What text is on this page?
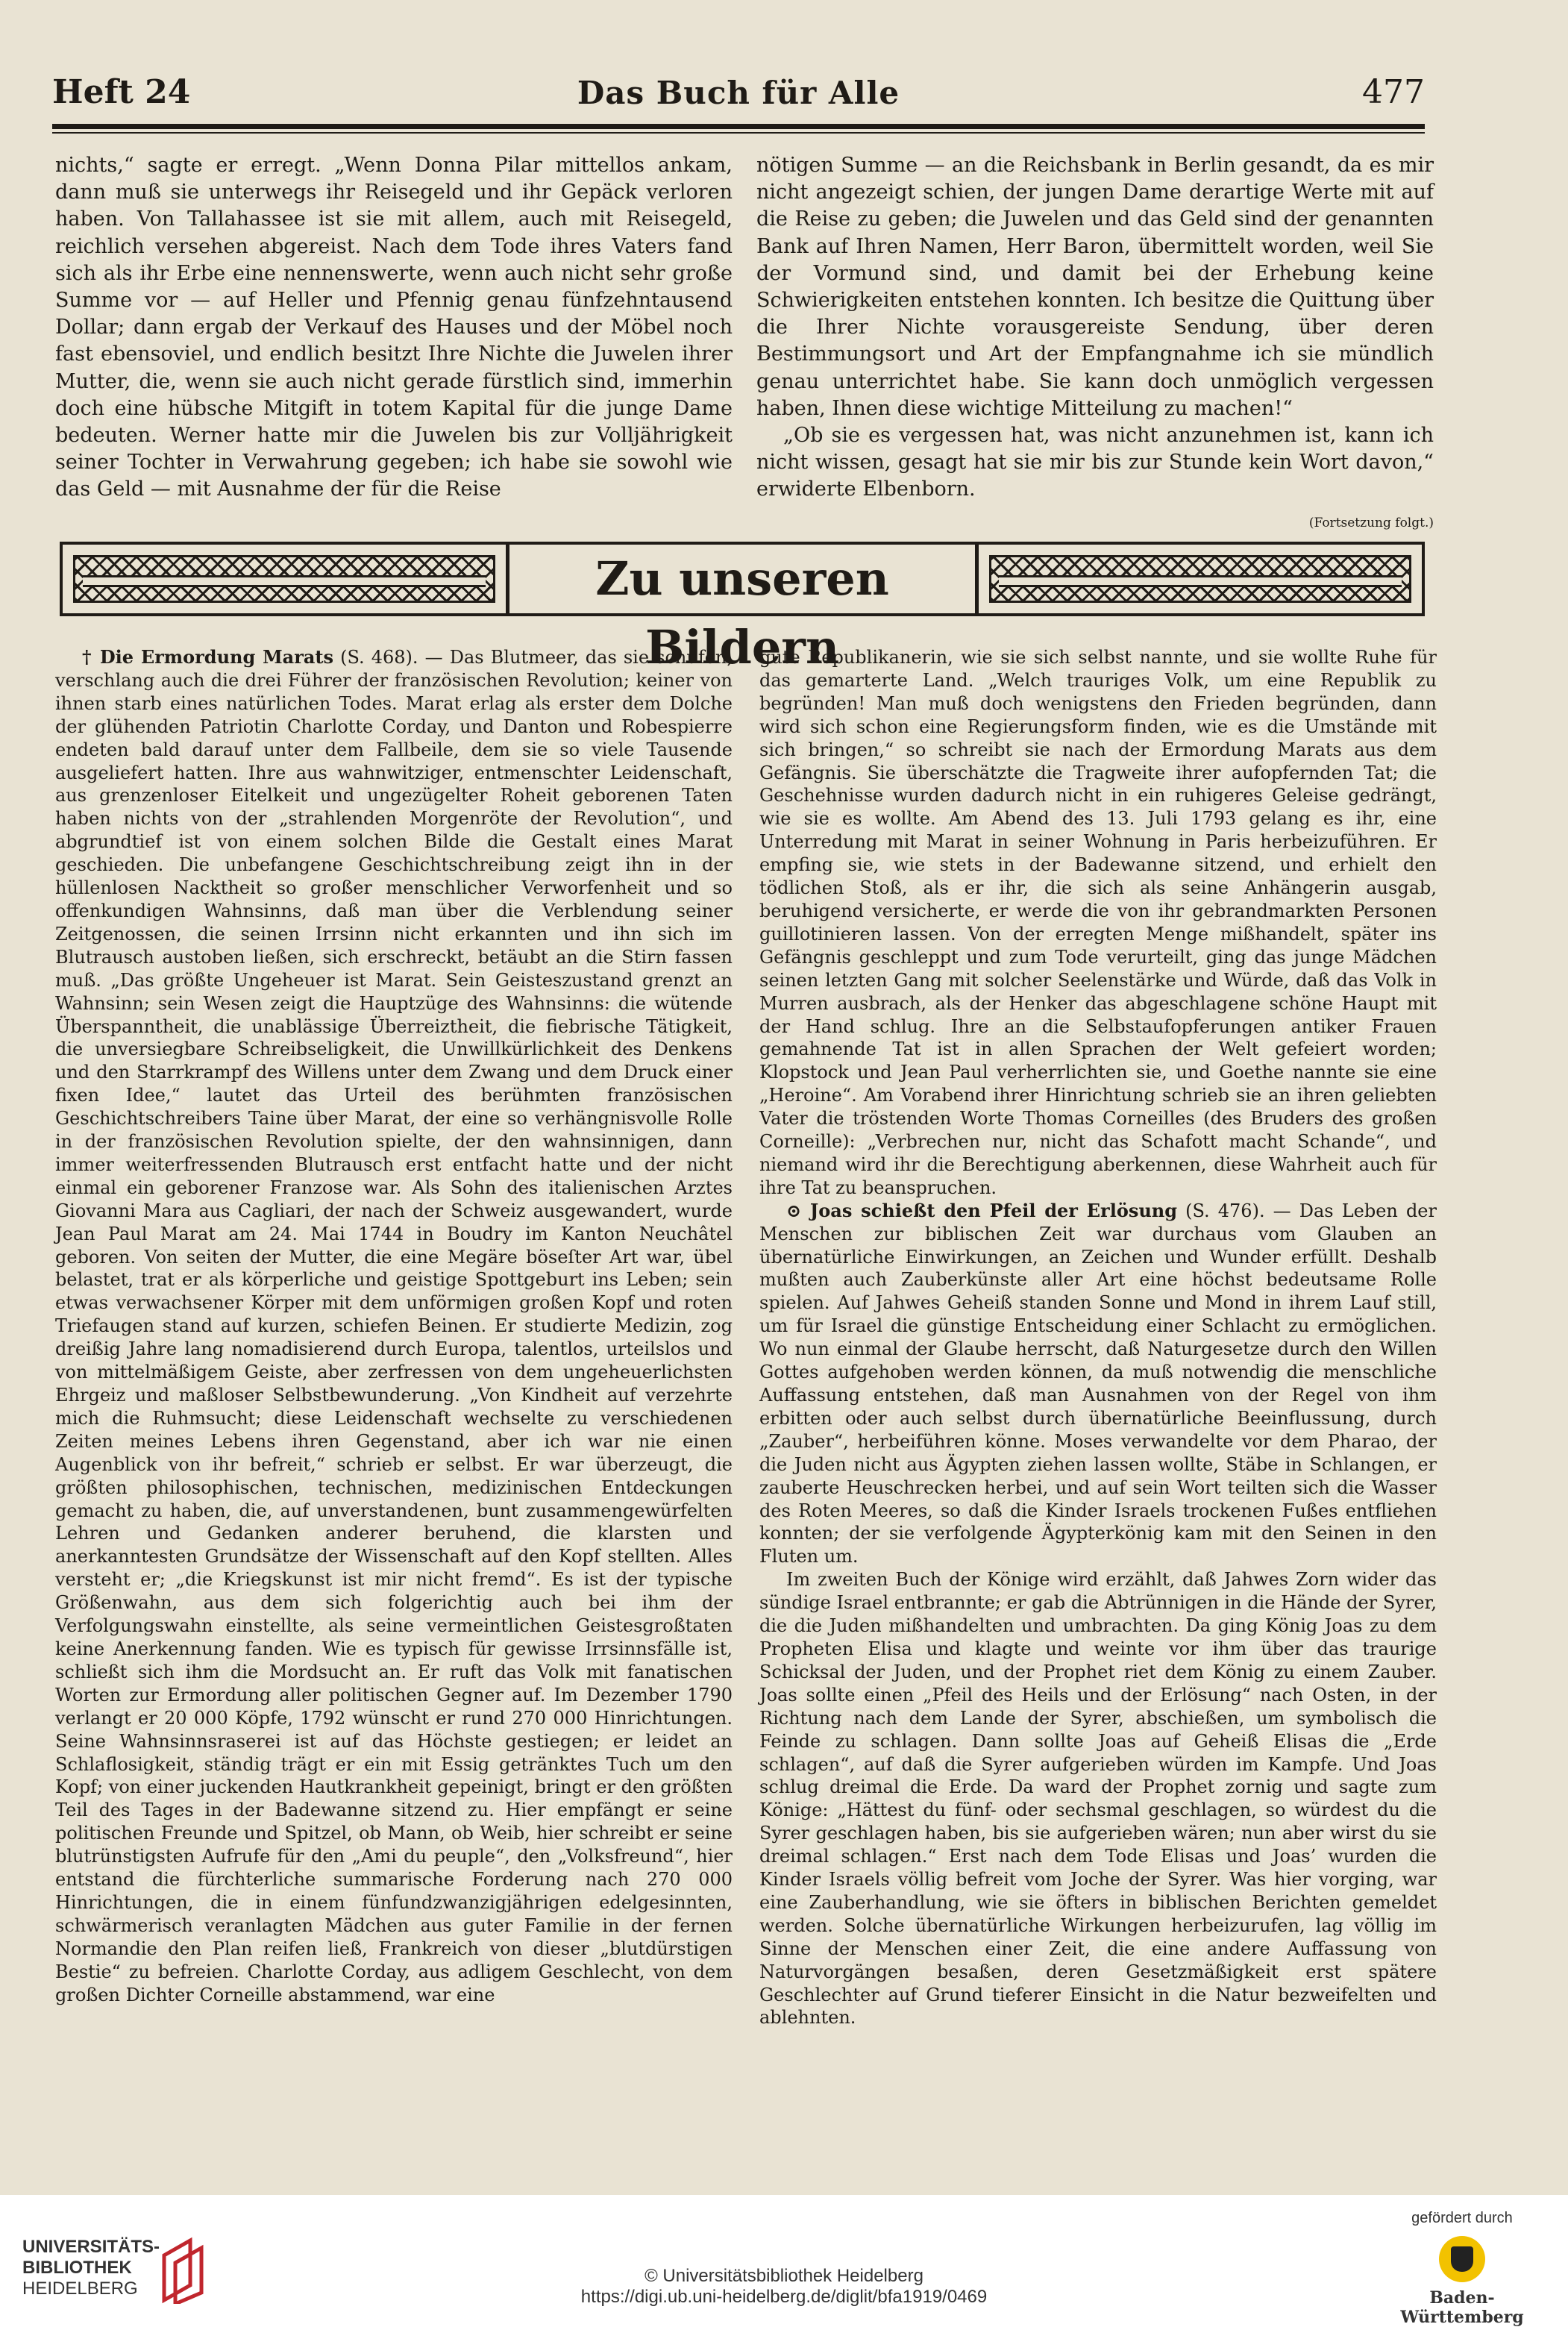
Heft 24	Das Buch für Alle	477

nichts,“ sagte er erregt. „Wenn Donna Pilar mittellos ankam, dann muß sie unterwegs ihr Reisegeld und ihr Gepäck verloren haben. Von Tallahassee ist sie mit allem, auch mit Reisegeld, reichlich versehen abgereist. Nach dem Tode ihres Vaters fand sich als ihr Erbe eine nennenswerte, wenn auch nicht sehr große Summe vor — auf Heller und Pfennig genau fünfzehntausend Dollar; dann ergab der Verkauf des Hauses und der Möbel noch fast ebensoviel, und endlich besitzt Ihre Nichte die Juwelen ihrer Mutter, die, wenn sie auch nicht gerade fürstlich sind, immerhin doch eine hübsche Mitgift in totem Kapital für die junge Dame bedeuten. Werner hatte mir die Juwelen bis zur Volljährigkeit seiner Tochter in Verwahrung gegeben; ich habe sie sowohl wie das Geld — mit Ausnahme der für die Reise

nötigen Summe — an die Reichsbank in Berlin gesandt, da es mir nicht angezeigt schien, der jungen Dame derartige Werte mit auf die Reise zu geben; die Juwelen und das Geld sind der genannten Bank auf Ihren Namen, Herr Baron, übermittelt worden, weil Sie der Vormund sind, und damit bei der Erhebung keine Schwierigkeiten entstehen konnten. Ich besitze die Quittung über die Ihrer Nichte vorausgereiste Sendung, über deren Bestimmungsort und Art der Empfangnahme ich sie mündlich genau unterrichtet habe. Sie kann doch unmöglich vergessen haben, Ihnen diese wichtige Mitteilung zu machen!“

„Ob sie es vergessen hat, was nicht anzunehmen ist, kann ich nicht wissen, gesagt hat sie mir bis zur Stunde kein Wort davon,“ erwiderte Elbenborn.

(Fortsetzung folgt.)
Zu unseren Bildern

† Die Ermordung Marats (S. 468). — Das Blutmeer, das sie schufen, verschlang auch die drei Führer der französischen Revolution; keiner von ihnen starb eines natürlichen Todes. Marat erlag als erster dem Dolche der glühenden Patriotin Charlotte Corday, und Danton und Robespierre endeten bald darauf unter dem Fallbeile, dem sie so viele Tausende ausgeliefert hatten. Ihre aus wahnwitziger, entmenschter Leidenschaft, aus grenzenloser Eitelkeit und ungezügelter Roheit geborenen Taten haben nichts von der „strahlenden Morgenröte der Revolution“, und abgrundtief ist von einem solchen Bilde die Gestalt eines Marat geschieden. Die unbefangene Geschichtschreibung zeigt ihn in der hüllenlosen Nacktheit so großer menschlicher Verworfenheit und so offenkundigen Wahnsinns, daß man über die Verblendung seiner Zeitgenossen, die seinen Irrsinn nicht erkannten und ihn sich im Blutrausch austoben ließen, sich erschreckt, betäubt an die Stirn fassen muß. „Das größte Ungeheuer ist Marat. Sein Geisteszustand grenzt an Wahnsinn; sein Wesen zeigt die Hauptzüge des Wahnsinns: die wütende Überspanntheit, die unablässige Überreiztheit, die fiebrische Tätigkeit, die unversiegbare Schreibseligkeit, die Unwillkürlichkeit des Denkens und den Starrkrampf des Willens unter dem Zwang und dem Druck einer fixen Idee,“ lautet das Urteil des berühmten französischen Geschichtschreibers Taine über Marat, der eine so verhängnisvolle Rolle in der französischen Revolution spielte, der den wahnsinnigen, dann immer weiterfressenden Blutrausch erst entfacht hatte und der nicht einmal ein geborener Franzose war. Als Sohn des italienischen Arztes Giovanni Mara aus Cagliari, der nach der Schweiz ausgewandert, wurde Jean Paul Marat am 24. Mai 1744 in Boudry im Kanton Neuchâtel geboren. Von seiten der Mutter, die eine Megäre böseſter Art war, übel belastet, trat er als körperliche und geistige Spottgeburt ins Leben; sein etwas verwachsener Körper mit dem unförmigen großen Kopf und roten Triefaugen stand auf kurzen, schiefen Beinen. Er studierte Medizin, zog dreißig Jahre lang nomadisierend durch Europa, talentlos, urteilslos und von mittelmäßigem Geiste, aber zerfressen von dem ungeheuerlichsten Ehrgeiz und maßloser Selbstbewunderung. „Von Kindheit auf verzehrte mich die Ruhmsucht; diese Leidenschaft wechselte zu verschiedenen Zeiten meines Lebens ihren Gegenstand, aber ich war nie einen Augenblick von ihr befreit,“ schrieb er selbst. Er war überzeugt, die größten philosophischen, technischen, medizinischen Entdeckungen gemacht zu haben, die, auf unverstandenen, bunt zusammengewürfelten Lehren und Gedanken anderer beruhend, die klarsten und anerkanntesten Grundsätze der Wissenschaft auf den Kopf stellten. Alles versteht er; „die Kriegskunst ist mir nicht fremd“. Es ist der typische Größenwahn, aus dem sich folgerichtig auch bei ihm der Verfolgungswahn einstellte, als seine vermeintlichen Geistesgroßtaten keine Anerkennung fanden. Wie es typisch für gewisse Irrsinnsfälle ist, schließt sich ihm die Mordsucht an. Er ruft das Volk mit fanatischen Worten zur Ermordung aller politischen Gegner auf. Im Dezember 1790 verlangt er 20 000 Köpfe, 1792 wünscht er rund 270 000 Hinrichtungen. Seine Wahnsinnsraserei ist auf das Höchste gestiegen; er leidet an Schlaflosigkeit, ständig trägt er ein mit Essig getränktes Tuch um den Kopf; von einer juckenden Hautkrankheit gepeinigt, bringt er den größten Teil des Tages in der Badewanne sitzend zu. Hier empfängt er seine politischen Freunde und Spitzel, ob Mann, ob Weib, hier schreibt er seine blutrünstigsten Aufrufe für den „Ami du peuple“, den „Volksfreund“, hier entstand die fürchterliche summarische Forderung nach 270 000 Hinrichtungen, die in einem fünfundzwanzigjährigen edelgesinnten, schwärmerisch veranlagten Mädchen aus guter Familie in der fernen Normandie den Plan reifen ließ, Frankreich von dieser „blutdürstigen Bestie“ zu befreien. Charlotte Corday, aus adligem Geschlecht, von dem großen Dichter Corneille abstammend, war eine

gute Republikanerin, wie sie sich selbst nannte, und sie wollte Ruhe für das gemarterte Land. „Welch trauriges Volk, um eine Republik zu begründen! Man muß doch wenigstens den Frieden begründen, dann wird sich schon eine Regierungsform finden, wie es die Umstände mit sich bringen,“ so schreibt sie nach der Ermordung Marats aus dem Gefängnis. Sie überschätzte die Tragweite ihrer aufopfernden Tat; die Geschehnisse wurden dadurch nicht in ein ruhigeres Geleise gedrängt, wie sie es wollte. Am Abend des 13. Juli 1793 gelang es ihr, eine Unterredung mit Marat in seiner Wohnung in Paris herbeizuführen. Er empfing sie, wie stets in der Badewanne sitzend, und erhielt den tödlichen Stoß, als er ihr, die sich als seine Anhängerin ausgab, beruhigend versicherte, er werde die von ihr gebrandmarkten Personen guillotinieren lassen. Von der erregten Menge mißhandelt, später ins Gefängnis geschleppt und zum Tode verurteilt, ging das junge Mädchen seinen letzten Gang mit solcher Seelenstärke und Würde, daß das Volk in Murren ausbrach, als der Henker das abgeschlagene schöne Haupt mit der Hand schlug. Ihre an die Selbstaufopferungen antiker Frauen gemahnende Tat ist in allen Sprachen der Welt gefeiert worden; Klopstock und Jean Paul verherrlichten sie, und Goethe nannte sie eine „Heroine“. Am Vorabend ihrer Hinrichtung schrieb sie an ihren geliebten Vater die tröstenden Worte Thomas Corneilles (des Bruders des großen Corneille): „Verbrechen nur, nicht das Schafott macht Schande“, und niemand wird ihr die Berechtigung aberkennen, diese Wahrheit auch für ihre Tat zu beanspruchen.

⊙ Joas schießt den Pfeil der Erlösung (S. 476). — Das Leben der Menschen zur biblischen Zeit war durchaus vom Glauben an übernatürliche Einwirkungen, an Zeichen und Wunder erfüllt. Deshalb mußten auch Zauberkünste aller Art eine höchst bedeutsame Rolle spielen. Auf Jahwes Geheiß standen Sonne und Mond in ihrem Lauf still, um für Israel die günstige Entscheidung einer Schlacht zu ermöglichen. Wo nun einmal der Glaube herrscht, daß Naturgesetze durch den Willen Gottes aufgehoben werden können, da muß notwendig die menschliche Auffassung entstehen, daß man Ausnahmen von der Regel von ihm erbitten oder auch selbst durch übernatürliche Beeinflussung, durch „Zauber“, herbeiführen könne. Moses verwandelte vor dem Pharao, der die Juden nicht aus Ägypten ziehen lassen wollte, Stäbe in Schlangen, er zauberte Heuschrecken herbei, und auf sein Wort teilten sich die Wasser des Roten Meeres, so daß die Kinder Israels trockenen Fußes entfliehen konnten; der sie verfolgende Ägypterkönig kam mit den Seinen in den Fluten um.

Im zweiten Buch der Könige wird erzählt, daß Jahwes Zorn wider das sündige Israel entbrannte; er gab die Abtrünnigen in die Hände der Syrer, die die Juden mißhandelten und umbrachten. Da ging König Joas zu dem Propheten Elisa und klagte und weinte vor ihm über das traurige Schicksal der Juden, und der Prophet riet dem König zu einem Zauber. Joas sollte einen „Pfeil des Heils und der Erlösung“ nach Osten, in der Richtung nach dem Lande der Syrer, abschießen, um symbolisch die Feinde zu schlagen. Dann sollte Joas auf Geheiß Elisas die „Erde schlagen“, auf daß die Syrer aufgerieben würden im Kampfe. Und Joas schlug dreimal die Erde. Da ward der Prophet zornig und sagte zum Könige: „Hättest du fünf- oder sechsmal geschlagen, so würdest du die Syrer geschlagen haben, bis sie aufgerieben wären; nun aber wirst du sie dreimal schlagen.“ Erst nach dem Tode Elisas und Joas’ wurden die Kinder Israels völlig befreit vom Joche der Syrer. Was hier vorging, war eine Zauberhandlung, wie sie öfters in biblischen Berichten gemeldet werden. Solche übernatürliche Wirkungen herbeizurufen, lag völlig im Sinne der Menschen einer Zeit, die eine andere Auffassung von Naturvorgängen besaßen, deren Gesetzmäßigkeit erst spätere Geschlechter auf Grund tieferer Einsicht in die Natur bezweifelten und ablehnten.

UNIVERSITÄTS-
BIBLIOTHEK
HEIDELBERG
© Universitätsbibliothek Heidelberg
https://digi.ub.uni-heidelberg.de/diglit/bfa1919/0469
gefördert durch
Baden-Württemberg
